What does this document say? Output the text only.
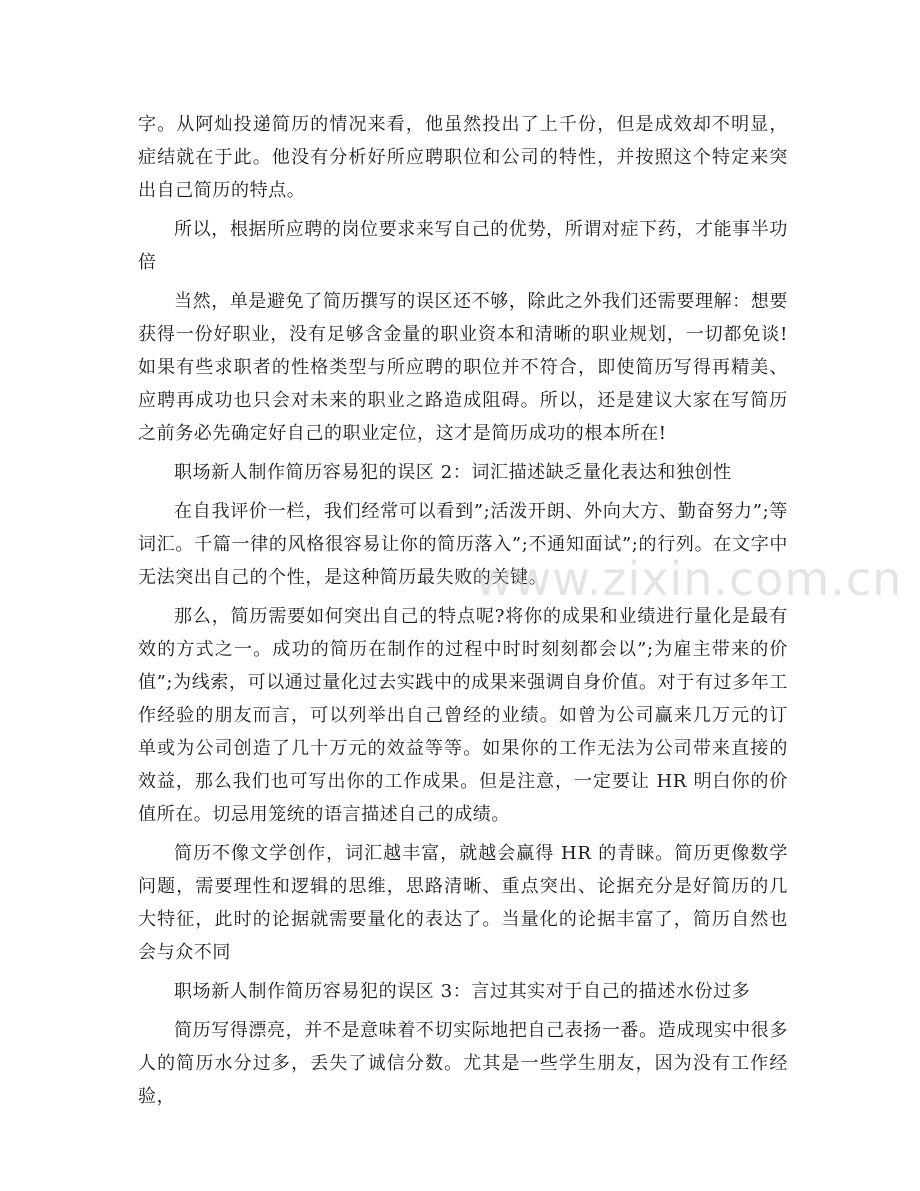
字。从阿灿投递简历的情况来看，他虽然投出了上千份，但是成效却不明显，症结就在于此。他没有分析好所应聘职位和公司的特性，并按照这个特定来突出自己简历的特点。

所以，根据所应聘的岗位要求来写自己的优势，所谓对症下药，才能事半功倍

当然，单是避免了简历撰写的误区还不够，除此之外我们还需要理解：想要获得一份好职业，没有足够含金量的职业资本和清晰的职业规划，一切都免谈!如果有些求职者的性格类型与所应聘的职位并不符合，即使简历写得再精美、应聘再成功也只会对未来的职业之路造成阻碍。所以，还是建议大家在写简历之前务必先确定好自己的职业定位，这才是简历成功的根本所在!

职场新人制作简历容易犯的误区 2：词汇描述缺乏量化表达和独创性

在自我评价一栏，我们经常可以看到”;活泼开朗、外向大方、勤奋努力”;等词汇。千篇一律的风格很容易让你的简历落入”;不通知面试”;的行列。在文字中无法突出自己的个性，是这种简历最失败的关键。

那么，简历需要如何突出自己的特点呢?将你的成果和业绩进行量化是最有效的方式之一。成功的简历在制作的过程中时时刻刻都会以”;为雇主带来的价值”;为线索，可以通过量化过去实践中的成果来强调自身价值。对于有过多年工作经验的朋友而言，可以列举出自己曾经的业绩。如曾为公司赢来几万元的订单或为公司创造了几十万元的效益等等。如果你的工作无法为公司带来直接的效益，那么我们也可写出你的工作成果。但是注意，一定要让 HR 明白你的价值所在。切忌用笼统的语言描述自己的成绩。

简历不像文学创作，词汇越丰富，就越会赢得 HR 的青睐。简历更像数学问题，需要理性和逻辑的思维，思路清晰、重点突出、论据充分是好简历的几大特征，此时的论据就需要量化的表达了。当量化的论据丰富了，简历自然也会与众不同

职场新人制作简历容易犯的误区 3：言过其实对于自己的描述水份过多

简历写得漂亮，并不是意味着不切实际地把自己表扬一番。造成现实中很多人的简历水分过多，丢失了诚信分数。尤其是一些学生朋友，因为没有工作经验，

www.zixin.com.cn
